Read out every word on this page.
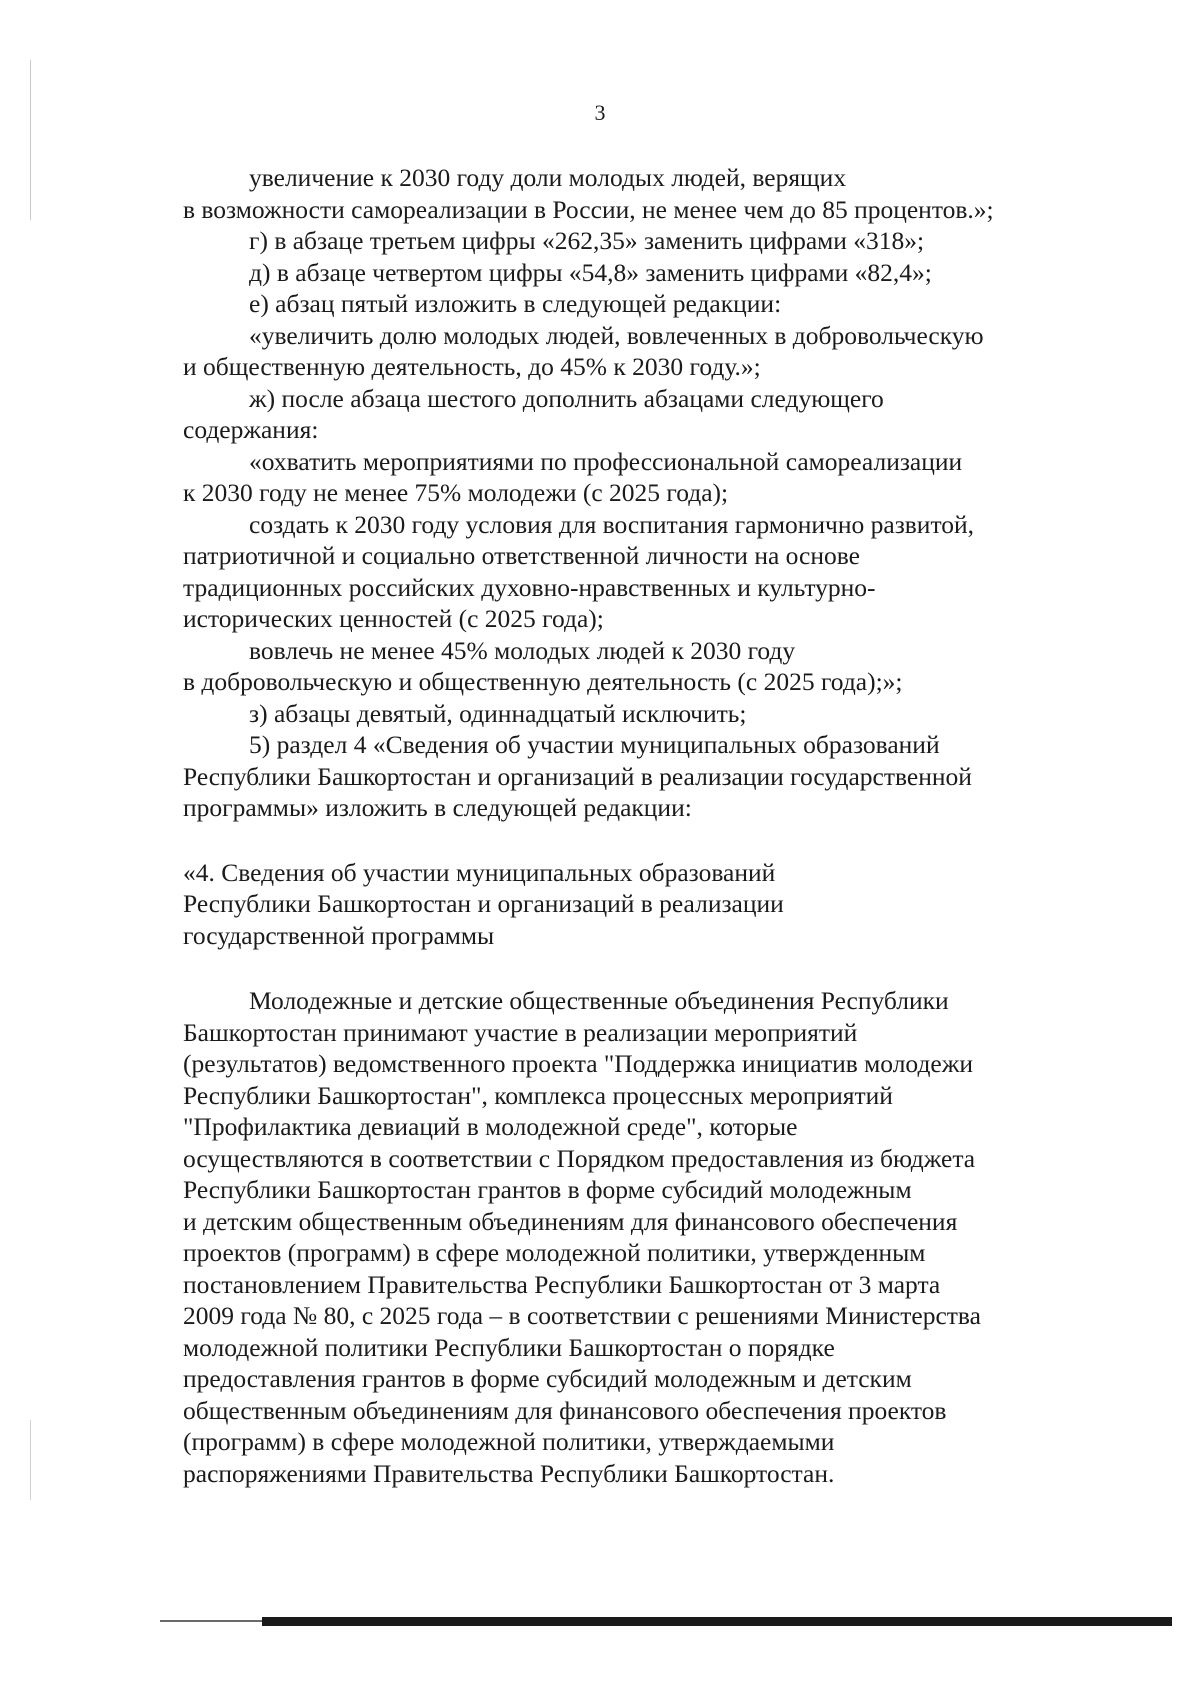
3

увеличение к 2030 году доли молодых людей, верящих

в возможности самореализации в России, не менее чем до 85 процентов.»;

г) в абзаце третьем цифры «262,35» заменить цифрами «318»;

д) в абзаце четвертом цифры «54,8» заменить цифрами «82,4»;

е) абзац пятый изложить в следующей редакции:

«увеличить долю молодых людей, вовлеченных в добровольческую

и общественную деятельность, до 45% к 2030 году.»;

ж) после абзаца шестого дополнить абзацами следующего

содержания:

«охватить мероприятиями по профессиональной самореализации

к 2030 году не менее 75% молодежи (с 2025 года);

создать к 2030 году условия для воспитания гармонично развитой,

патриотичной и социально ответственной личности на основе

традиционных российских духовно-нравственных и культурно-

исторических ценностей (с 2025 года);

вовлечь не менее 45% молодых людей к 2030 году

в добровольческую и общественную деятельность (с 2025 года);»;

з) абзацы девятый, одиннадцатый исключить;

5) раздел 4 «Сведения об участии муниципальных образований

Республики Башкортостан и организаций в реализации государственной

программы» изложить в следующей редакции:

«4. Сведения об участии муниципальных образований

Республики Башкортостан и организаций в реализации

государственной программы

Молодежные и детские общественные объединения Республики

Башкортостан принимают участие в реализации мероприятий

(результатов) ведомственного проекта "Поддержка инициатив молодежи

Республики Башкортостан", комплекса процессных мероприятий

"Профилактика девиаций в молодежной среде", которые

осуществляются в соответствии с Порядком предоставления из бюджета

Республики Башкортостан грантов в форме субсидий молодежным

и детским общественным объединениям для финансового обеспечения

проектов (программ) в сфере молодежной политики, утвержденным

постановлением Правительства Республики Башкортостан от 3 марта

2009 года № 80, с 2025 года – в соответствии с решениями Министерства

молодежной политики Республики Башкортостан о порядке

предоставления грантов в форме субсидий молодежным и детским

общественным объединениям для финансового обеспечения проектов

(программ) в сфере молодежной политики, утверждаемыми

распоряжениями Правительства Республики Башкортостан.
